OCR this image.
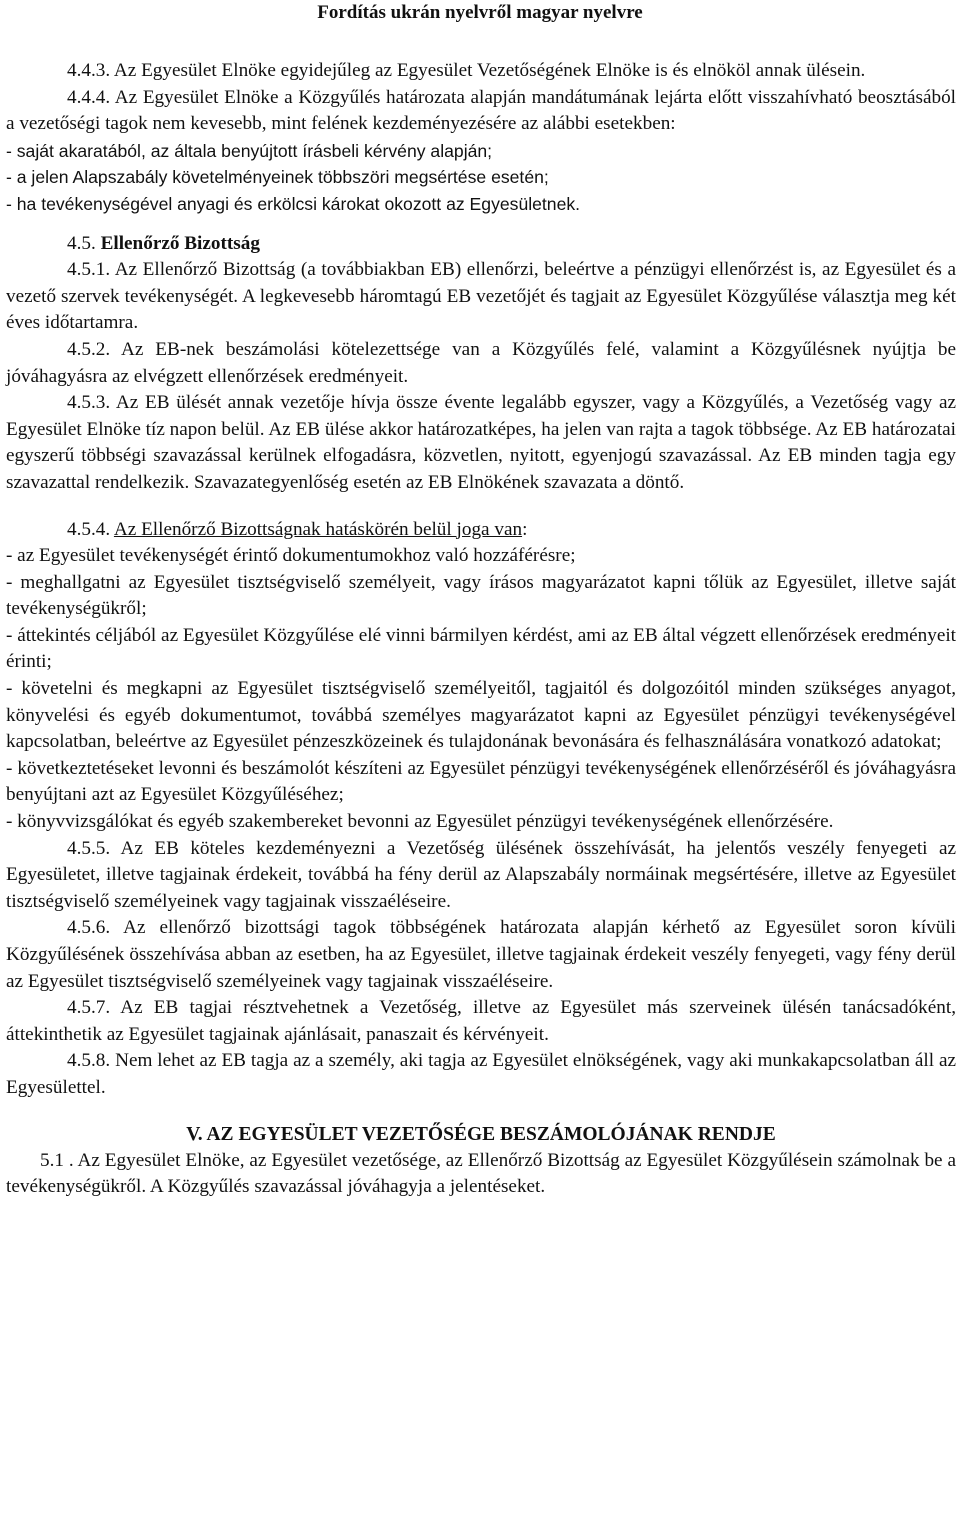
Fordítás ukrán nyelvről magyar nyelvre

4.4.3. Az Egyesület Elnöke egyidejűleg az Egyesület Vezetőségének Elnöke is és elnököl annak ülésein.

4.4.4. Az Egyesület Elnöke a Közgyűlés határozata alapján mandátumának lejárta előtt visszahívható beosztásából a vezetőségi tagok nem kevesebb, mint felének kezdeményezésére az alábbi esetekben:

- saját akaratából, az általa benyújtott írásbeli kérvény alapján;

- a jelen Alapszabály követelményeinek többszöri megsértése esetén;

- ha tevékenységével anyagi és erkölcsi károkat okozott az Egyesületnek.

4.5. Ellenőrző Bizottság

4.5.1. Az Ellenőrző Bizottság (a továbbiakban EB) ellenőrzi, beleértve a pénzügyi ellenőrzést is, az Egyesület és a vezető szervek tevékenységét. A legkevesebb háromtagú EB vezetőjét és tagjait az Egyesület Közgyűlése választja meg két éves időtartamra.

4.5.2. Az EB-nek beszámolási kötelezettsége van a Közgyűlés felé, valamint a Közgyűlésnek nyújtja be jóváhagyásra az elvégzett ellenőrzések eredményeit.

4.5.3. Az EB ülését annak vezetője hívja össze évente legalább egyszer, vagy a Közgyűlés, a Vezetőség vagy az Egyesület Elnöke tíz napon belül. Az EB ülése akkor határozatképes, ha jelen van rajta a tagok többsége. Az EB határozatai egyszerű többségi szavazással kerülnek elfogadásra, közvetlen, nyitott, egyenjogú szavazással. Az EB minden tagja egy szavazattal rendelkezik. Szavazategyenlőség esetén az EB Elnökének szavazata a döntő.

4.5.4. Az Ellenőrző Bizottságnak hatáskörén belül joga van:

- az Egyesület tevékenységét érintő dokumentumokhoz való hozzáférésre;

- meghallgatni az Egyesület tisztségviselő személyeit, vagy írásos magyarázatot kapni tőlük az Egyesület, illetve saját tevékenységükről;

- áttekintés céljából az Egyesület Közgyűlése elé vinni bármilyen kérdést, ami az EB által végzett ellenőrzések eredményeit érinti;

- követelni és megkapni az Egyesület tisztségviselő személyeitől, tagjaitól és dolgozóitól minden szükséges anyagot, könyvelési és egyéb dokumentumot, továbbá személyes magyarázatot kapni az Egyesület pénzügyi tevékenységével kapcsolatban, beleértve az Egyesület pénzeszközeinek és tulajdonának bevonására és felhasználására vonatkozó adatokat;

- következtetéseket levonni és beszámolót készíteni az Egyesület pénzügyi tevékenységének ellenőrzéséről és jóváhagyásra benyújtani azt az Egyesület Közgyűléséhez;

- könyvvizsgálókat és egyéb szakembereket bevonni az Egyesület pénzügyi tevékenységének ellenőrzésére.

4.5.5. Az EB köteles kezdeményezni a Vezetőség ülésének összehívását, ha jelentős veszély fenyegeti az Egyesületet, illetve tagjainak érdekeit, továbbá ha fény derül az Alapszabály normáinak megsértésére, illetve az Egyesület tisztségviselő személyeinek vagy tagjainak visszaéléseire.

4.5.6. Az ellenőrző bizottsági tagok többségének határozata alapján kérhető az Egyesület soron kívüli Közgyűlésének összehívása abban az esetben, ha az Egyesület, illetve tagjainak érdekeit veszély fenyegeti, vagy fény derül az Egyesület tisztségviselő személyeinek vagy tagjainak visszaéléseire.

4.5.7. Az EB tagjai résztvehetnek a Vezetőség, illetve az Egyesület más szerveinek ülésén tanácsadóként, áttekinthetik az Egyesület tagjainak ajánlásait, panaszait és kérvényeit.

4.5.8. Nem lehet az EB tagja az a személy, aki tagja az Egyesület elnökségének, vagy aki munkakapcsolatban áll az Egyesülettel.

V. AZ EGYESÜLET VEZETŐSÉGE BESZÁMOLÓJÁNAK RENDJE

5.1 . Az Egyesület Elnöke, az Egyesület vezetősége, az Ellenőrző Bizottság az Egyesület Közgyűlésein számolnak be a tevékenységükről. A Közgyűlés szavazással jóváhagyja a jelentéseket.
